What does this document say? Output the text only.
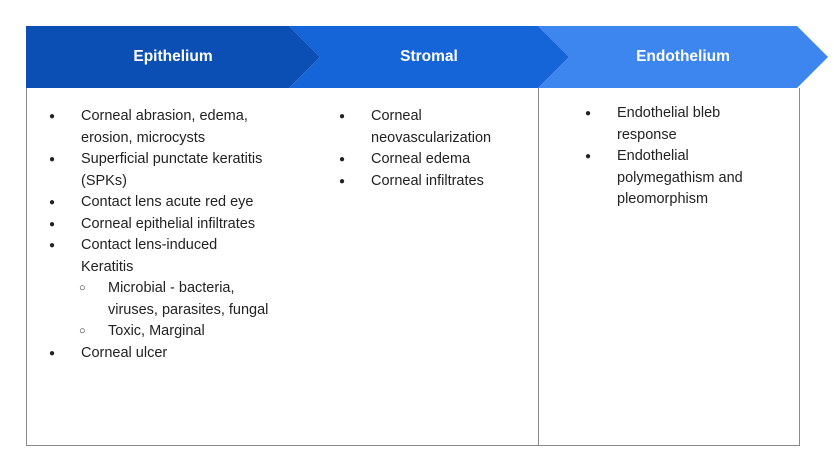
Epithelium	Stromal	Endothelium
● Corneal abrasion, edema, erosion, microcysts
● Superficial punctate keratitis (SPKs)
● Contact lens acute red eye
● Corneal epithelial infiltrates
● Contact lens-induced Keratitis
○ Microbial - bacteria, viruses, parasites, fungal
○ Toxic, Marginal
● Corneal ulcer
● Corneal neovascularization
● Corneal edema
● Corneal infiltrates
● Endothelial bleb response
● Endothelial polymegathism and pleomorphism
